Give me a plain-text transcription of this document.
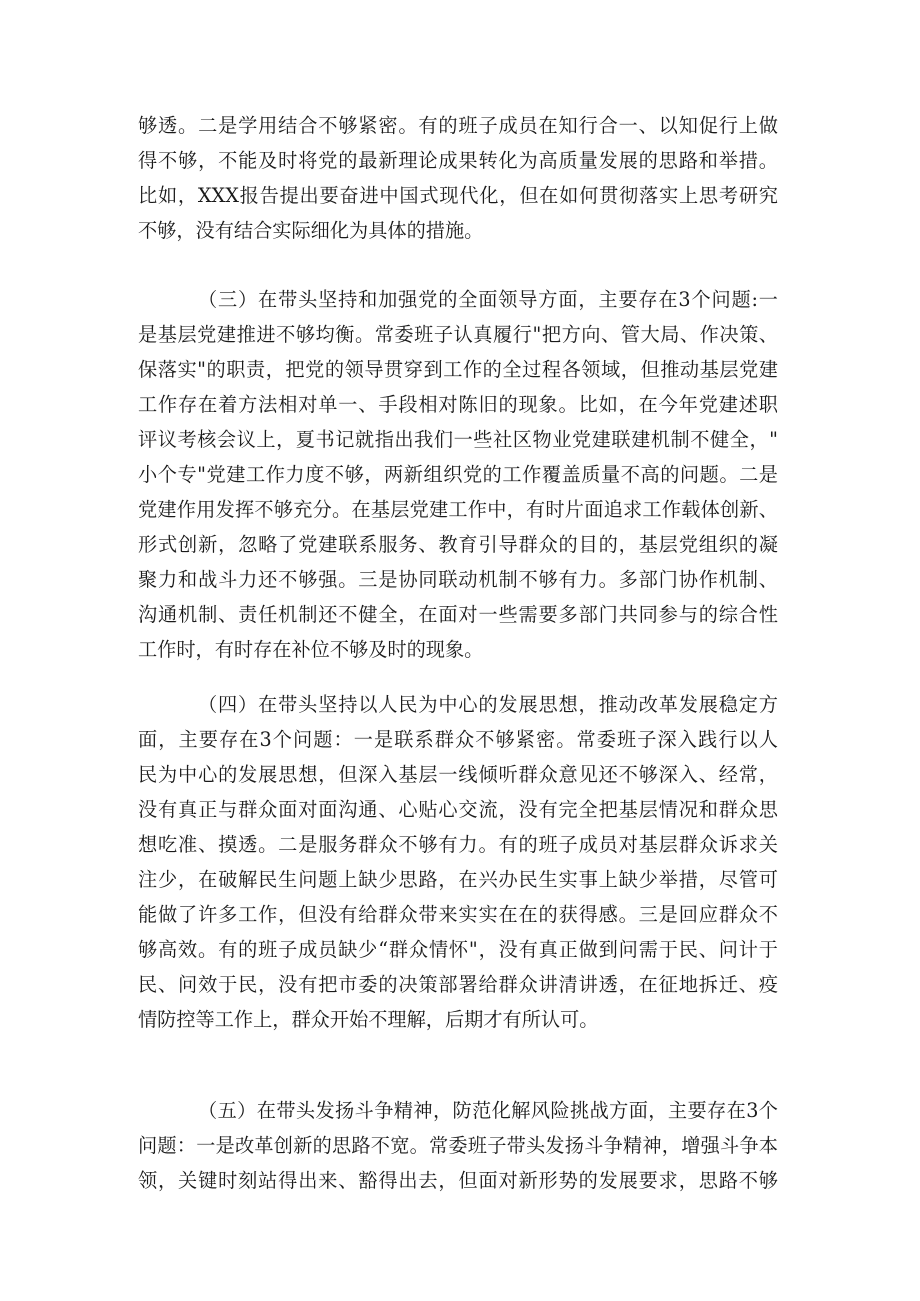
够透。二是学用结合不够紧密。有的班子成员在知行合一、以知促行上做
得不够，不能及时将党的最新理论成果转化为高质量发展的思路和举措。
比如，XXX报告提出要奋进中国式现代化，但在如何贯彻落实上思考研究
不够，没有结合实际细化为具体的措施。
（三）在带头坚持和加强党的全面领导方面，主要存在3个问题:一
是基层党建推进不够均衡。常委班子认真履行"把方向、管大局、作决策、
保落实"的职责，把党的领导贯穿到工作的全过程各领域，但推动基层党建
工作存在着方法相对单一、手段相对陈旧的现象。比如，在今年党建述职
评议考核会议上，夏书记就指出我们一些社区物业党建联建机制不健全，"
小个专"党建工作力度不够，两新组织党的工作覆盖质量不高的问题。二是
党建作用发挥不够充分。在基层党建工作中，有时片面追求工作载体创新、
形式创新，忽略了党建联系服务、教育引导群众的目的，基层党组织的凝
聚力和战斗力还不够强。三是协同联动机制不够有力。多部门协作机制、
沟通机制、责任机制还不健全，在面对一些需要多部门共同参与的综合性
工作时，有时存在补位不够及时的现象。
（四）在带头坚持以人民为中心的发展思想，推动改革发展稳定方
面，主要存在3个问题：一是联系群众不够紧密。常委班子深入践行以人
民为中心的发展思想，但深入基层一线倾听群众意见还不够深入、经常，
没有真正与群众面对面沟通、心贴心交流，没有完全把基层情况和群众思
想吃准、摸透。二是服务群众不够有力。有的班子成员对基层群众诉求关
注少，在破解民生问题上缺少思路，在兴办民生实事上缺少举措，尽管可
能做了许多工作，但没有给群众带来实实在在的获得感。三是回应群众不
够高效。有的班子成员缺少“群众情怀"，没有真正做到问需于民、问计于
民、问效于民，没有把市委的决策部署给群众讲清讲透，在征地拆迁、疫
情防控等工作上，群众开始不理解，后期才有所认可。
（五）在带头发扬斗争精神，防范化解风险挑战方面，主要存在3个
问题：一是改革创新的思路不宽。常委班子带头发扬斗争精神，增强斗争本
领，关键时刻站得出来、豁得出去，但面对新形势的发展要求，思路不够
